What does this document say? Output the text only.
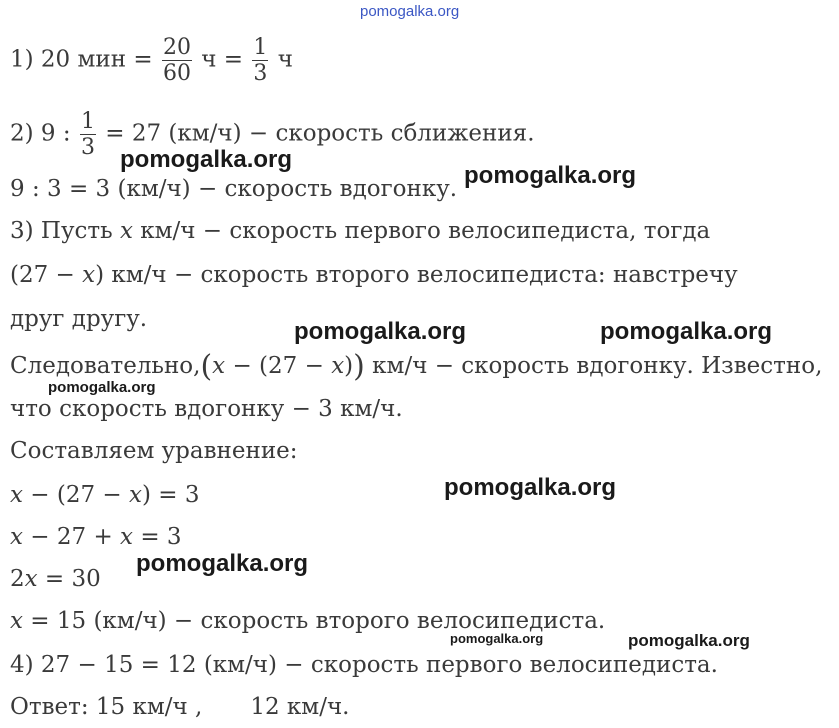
pomogalka.org
1) 20 мин = $\frac{20}{60}$ $ч = \frac{1}{3}$ ч
2) 9 : $\frac{1}{3} = 27$ (км/ч) − скорость сближения.
pomogalka.org
pomogalka.org
9 : 3 = 3 (км/ч) − скорость вдогонку.
3) Пусть x км/ч − скорость первого велосипедиста, тогда
(27 − x) км/ч − скорость второго велосипедиста: навстречу
друг другу.	pomogalka.org	pomogalka.org
Следовательно,(x − (27 − x)) км/ч − скорость вдогонку. Известно,
pomogalka.org
что скорость вдогонку − 3 км/ч.
Составляем уравнение:
pomogalka.org
x − (27 − x) = 3
x − 27 + x = 3
pomogalka.org
2x = 30
x = 15 (км/ч) − скорость второго велосипедиста.
pomogalka.org	pomogalka.org
4) 27 − 15 = 12 (км/ч) − скорость первого велосипедиста.
Ответ: 15 км/ч , 12 км/ч.
